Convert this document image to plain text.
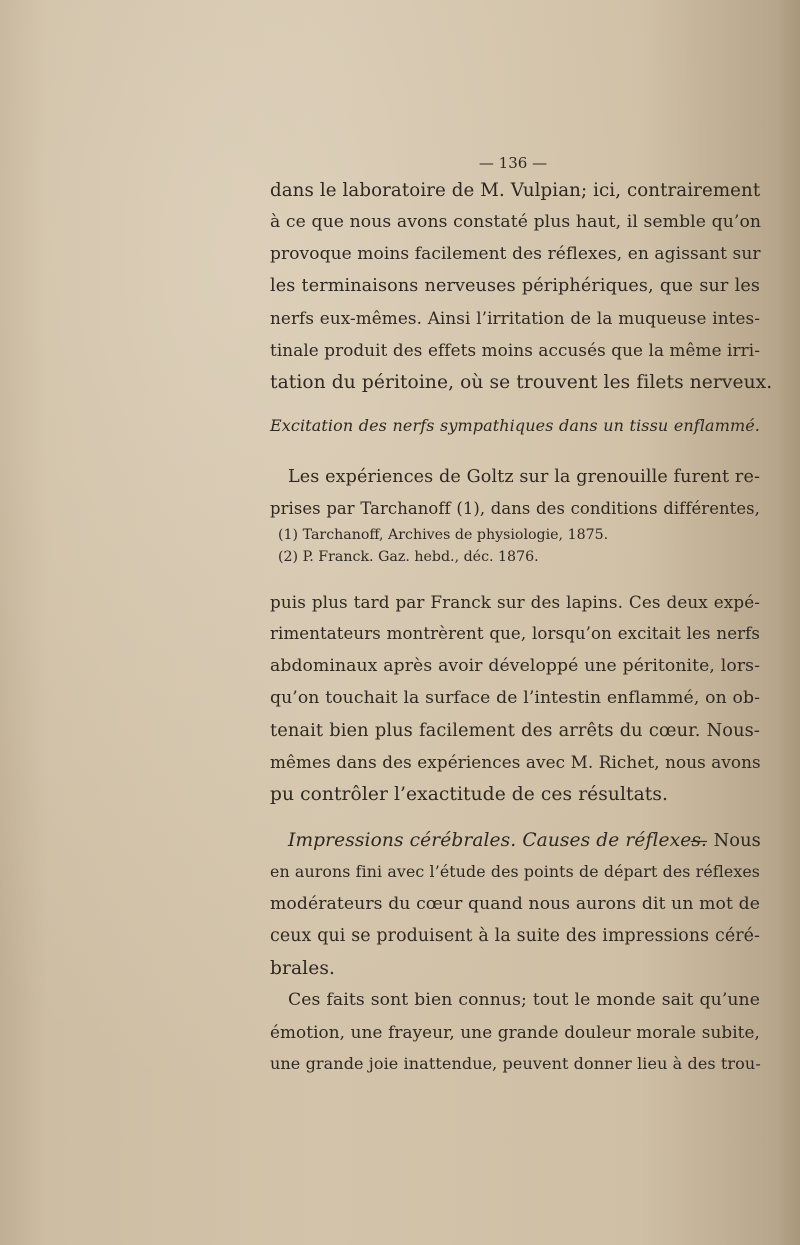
— 136 —
dans le laboratoire de M. Vulpian; ici, contrairement
à ce que nous avons constaté plus haut, il semble qu’on
provoque moins facilement des réflexes, en agissant sur
les terminaisons nerveuses périphériques, que sur les
nerfs eux-mêmes. Ainsi l’irritation de la muqueuse intes-
tinale produit des effets moins accusés que la même irri-
tation du péritoine, où se trouvent les filets nerveux.
Excitation des nerfs sympathiques dans un tissu enflammé.
Les expériences de Goltz sur la grenouille furent re-
prises par Tarchanoff (1), dans des conditions différentes,
(1) Tarchanoff, Archives de physiologie, 1875.
(2) P. Franck. Gaz. hebd., déc. 1876.
puis plus tard par Franck sur des lapins. Ces deux expé-
rimentateurs montrèrent que, lorsqu’on excitait les nerfs
abdominaux après avoir développé une péritonite, lors-
qu’on touchait la surface de l’intestin enflammé, on ob-
tenait bien plus facilement des arrêts du cœur. Nous-
mêmes dans des expériences avec M. Richet, nous avons
pu contrôler l’exactitude de ces résultats.
Impressions cérébrales. Causes de réflexes.
— Nous
en aurons fini avec l’étude des points de départ des réflexes
modérateurs du cœur quand nous aurons dit un mot de
ceux qui se produisent à la suite des impressions céré-
brales.
Ces faits sont bien connus; tout le monde sait qu’une
émotion, une frayeur, une grande douleur morale subite,
une grande joie inattendue, peuvent donner lieu à des trou-
